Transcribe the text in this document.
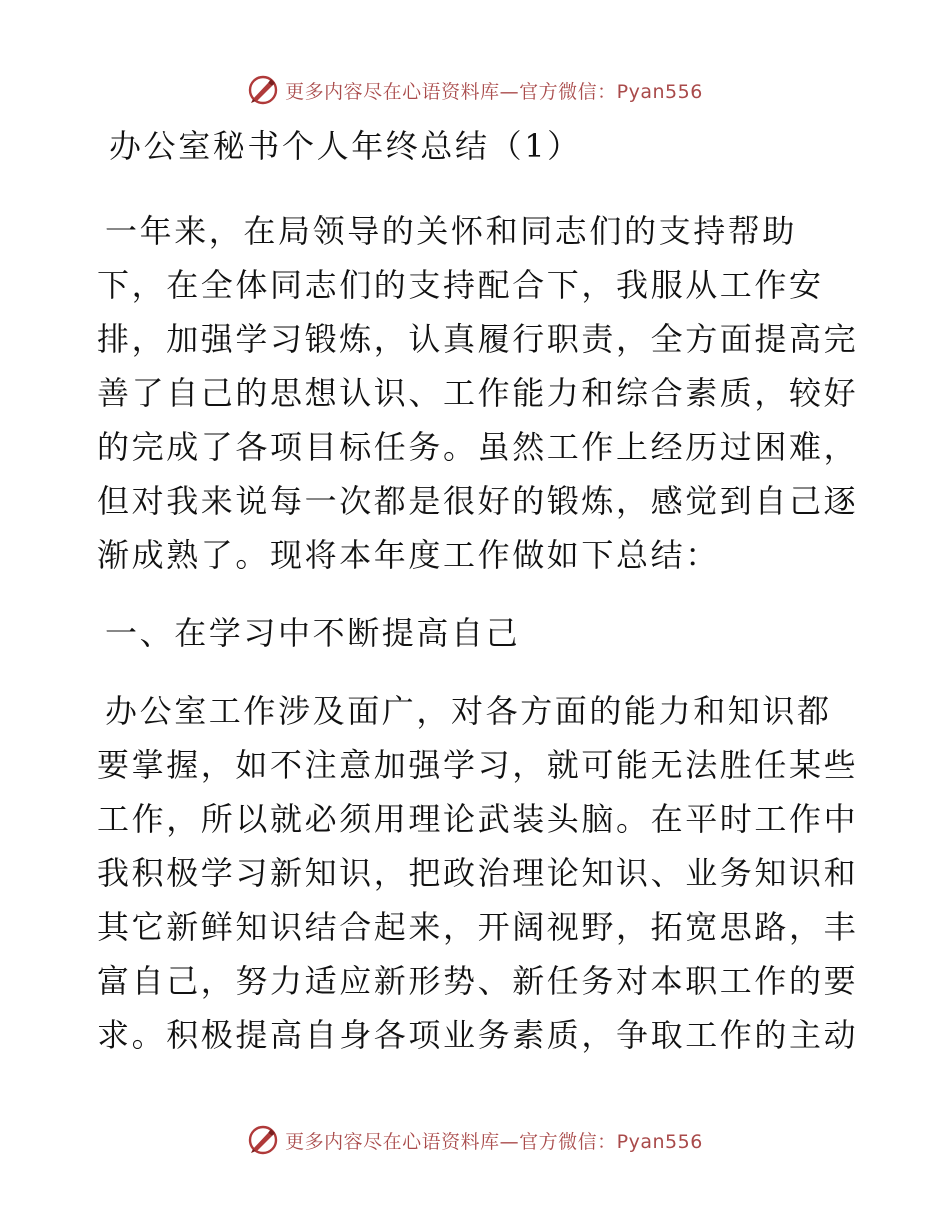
更多内容尽在心语资料库—官方微信：Pyan556
办公室秘书个人年终总结（1）
一年来，在局领导的关怀和同志们的支持帮助
下，在全体同志们的支持配合下，我服从工作安
排，加强学习锻炼，认真履行职责，全方面提高完
善了自己的思想认识、工作能力和综合素质，较好
的完成了各项目标任务。虽然工作上经历过困难，
但对我来说每一次都是很好的锻炼，感觉到自己逐
渐成熟了。现将本年度工作做如下总结：
一、在学习中不断提高自己
办公室工作涉及面广，对各方面的能力和知识都
要掌握，如不注意加强学习，就可能无法胜任某些
工作，所以就必须用理论武装头脑。在平时工作中
我积极学习新知识，把政治理论知识、业务知识和
其它新鲜知识结合起来，开阔视野，拓宽思路，丰
富自己，努力适应新形势、新任务对本职工作的要
求。积极提高自身各项业务素质，争取工作的主动
更多内容尽在心语资料库—官方微信：Pyan556
